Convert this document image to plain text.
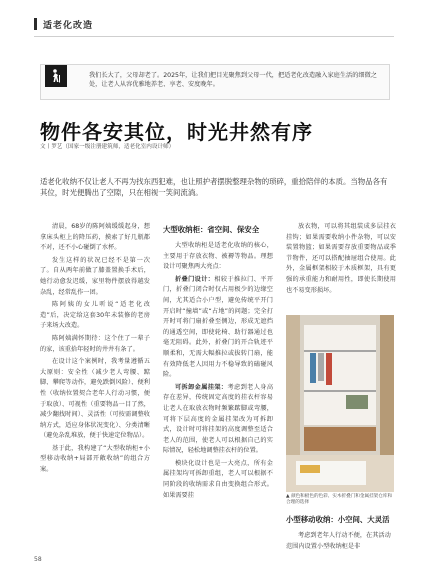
适老化改造
我们长大了，父母却老了。2025年，让我们把目光聚焦到父母一代，把适老化改造融入家庭生活的细微之处，让老人从容优雅地养老、享老、安度晚年。
物件各安其位，时光井然有序
文丨罗艺（国家一级注册建筑师，适老化室内设计师）
适老化收纳不仅让老人不再为找东西犯难，也让照护者摆脱整理杂物的琐碎，重拾陪伴的本质。当物品各有其位，时光便腾出了空隙，只在相视一笑间流淌。

清晨，68岁的陈阿姨缓缓起身，想拿床头柜上的降压药，摸索了好几瓶都不对，还不小心碰倒了水杯。

发生这样的状况已经不是第一次了。自从两年前做了膝盖置换手术后，她行动愈发迟缓，家里物件摆放得越发杂乱，经常乱作一团。

陈阿姨的女儿听说“适老化改造”后，决定给这套30年未装修的老房子来场大改造。

陈阿姨满怀期待：这个住了一辈子的家，该重拾年轻时的井井有条了。

在设计这个案例时，我考量遵循五大原则：安全性（减少老人弯腰、踮脚、攀爬等动作，避免跌倒风险）、便利性（收纳位置契合老年人行动习惯，便于取放）、可视性（重要物品一目了然，减少翻找时间）、灵活性（可按需调整收纳方式，适应身体状况变化）、分类清晰（避免杂乱堆放，便于快速定位物品）。

基于此，我构建了“大型收纳柜+小型移动收纳+局部开敞收纳”的组合方案。

大型收纳柜：省空间、保安全

大型收纳柜是适老化收纳的核心，主要用于存放衣物、被褥等物品。理想设计可聚焦两大亮点：

折叠门设计：相较于推拉门、平开门，折叠门闭合时仅占用极少的边缘空间，尤其适合小户型，避免传统平开门开启时“撞墙”或“占地”的问题；完全打开时可将门扇折叠至侧边，形成无遮挡的通透空间，即使轮椅、助行器通过也毫无阻碍。此外，折叠门的开合轨迹平顺柔和，无需大幅推拉或拔转门扇，能有效降低老人因用力不稳导致的磕碰风险。

可拆卸金属挂架：考虑到老人身高存在差异，传统固定高度的挂衣杆容易让老人在取放衣物时频繁踮脚或弯腰，可将下层高度的金属挂架改为可拆卸式，设计时可将挂架的高度调整至适合老人的范围，使老人可以根据自己的实际情况，轻松地调整挂衣杆的位置。

模块化设计也是一大亮点，所有金属挂架均可拆卸重组，老人可以根据不同阶段的收纳需求自由变换组合形式。如果需要挂

放衣物，可以将其组装成多层挂衣挂钩；如果需要收纳小件杂物，可以安装置物篮；如果需要存放重要物品或季节物件，还可以搭配抽屉组合使用。此外，金属框架相较于木质框架，具有更强的承重能力和耐用性，即使长期使用也不易变形损坏。

▲ 颜色和板色的色彩、实木折叠门和金属挂架仓库和合理的选择
小型移动收纳：小空间、大灵活

考虑到老年人行动不便，在其活动范围内设置小型收纳柜是非

58
